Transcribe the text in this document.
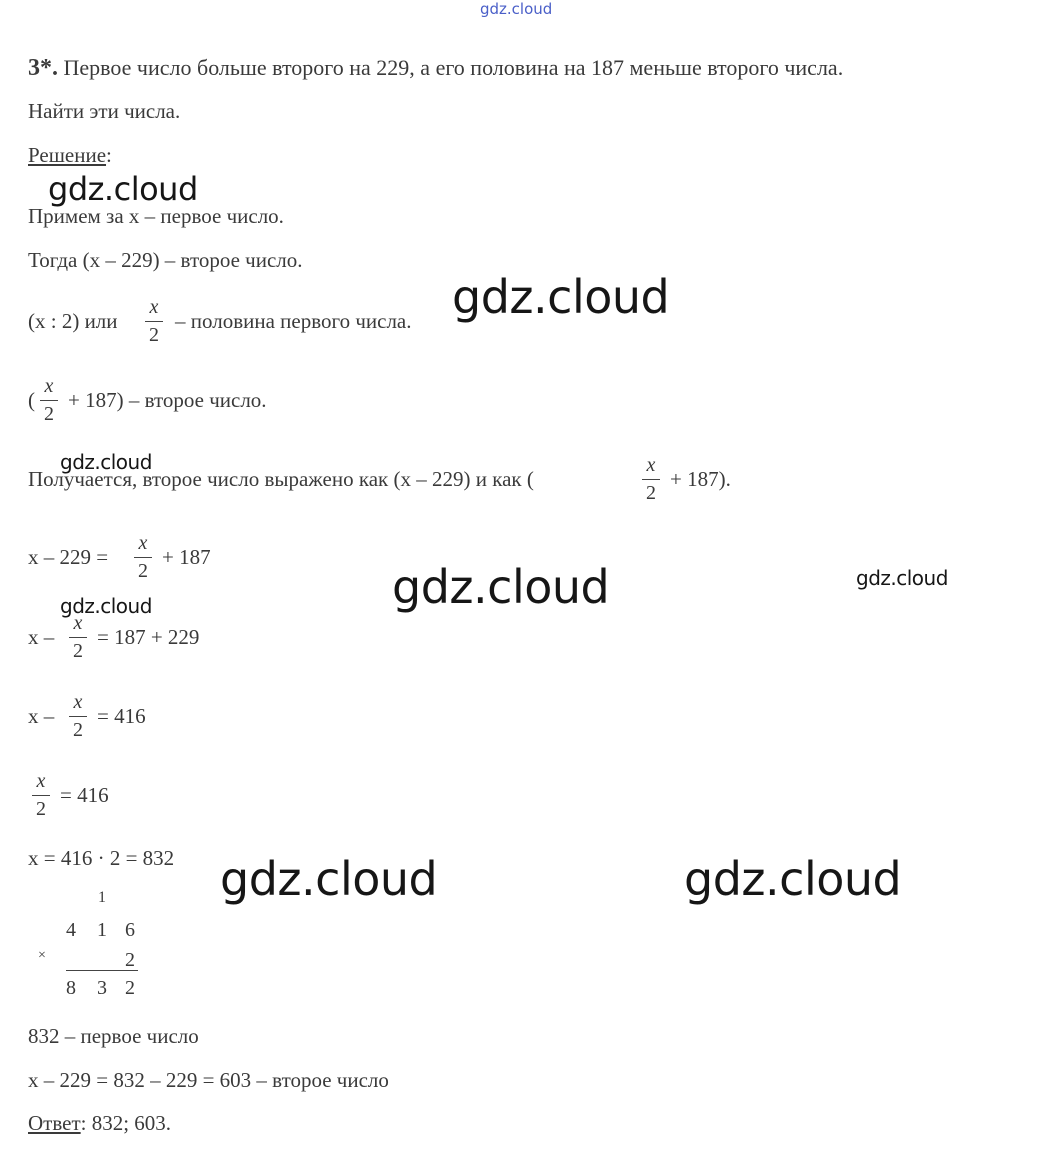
gdz.cloud
3*. Первое число больше второго на 229, а его половина на 187 меньше второго числа.
Найти эти числа.
Решение:
Примем за x – первое число.
Тогда (x – 229) – второе число.
(x : 2) или
x
2
– половина первого числа.
(
x
2
+ 187) – второе число.
Получается, второе число выражено как (x – 229) и как (
x
2
+ 187).
x – 229 =
x
2
+ 187
x –
x
2
= 187 + 229
x –
x
2
= 416
x
2
= 416
x = 416 · 2 = 832
1
4 1 6
×	2
8 3 2
832 – первое число
x – 229 = 832 – 229 = 603 – второе число
Ответ: 832; 603.
gdz.cloud
gdz.cloud
gdz.cloud
gdz.cloud	gdz.cloud
gdz.cloud
gdz.cloud	gdz.cloud
